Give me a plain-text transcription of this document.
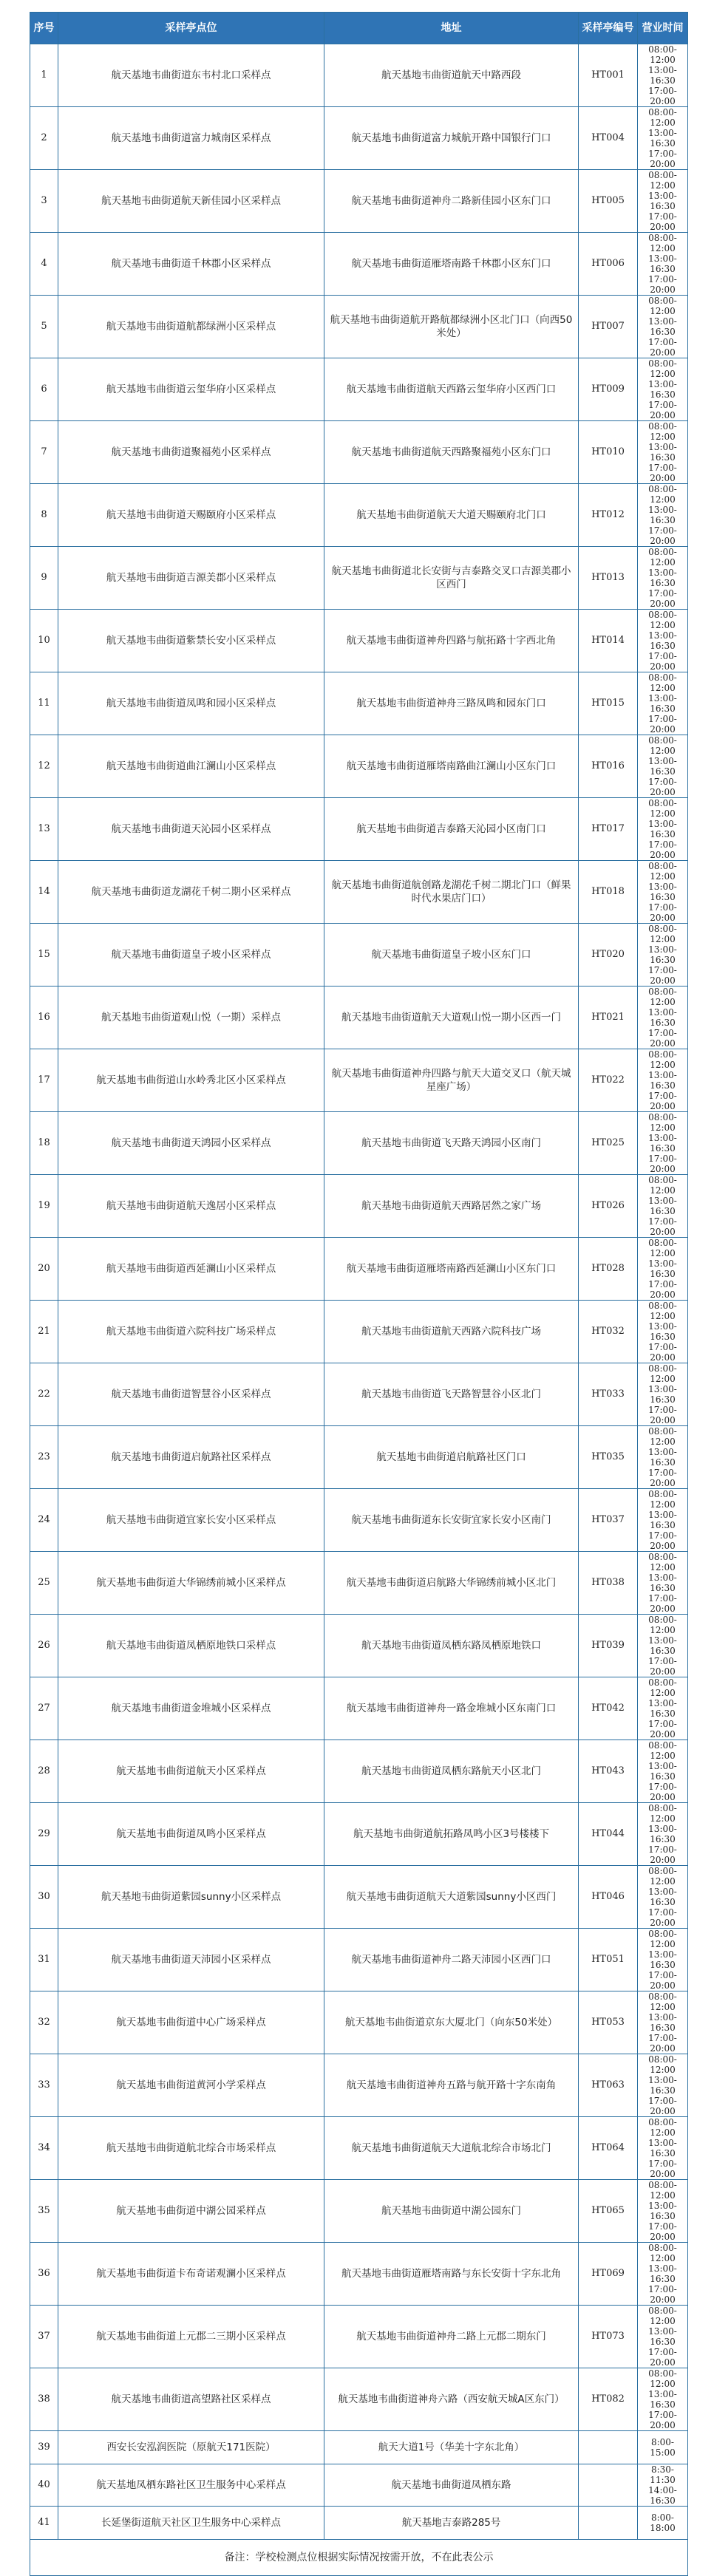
序号	采样亭点位	地址	采样亭编号	营业时间
1	航天基地韦曲街道东韦村北口采样点	航天基地韦曲街道航天中路西段	HT001	08:00-12:00
13:00-16:30
17:00-20:00
2	航天基地韦曲街道富力城南区采样点	航天基地韦曲街道富力城航开路中国银行门口	HT004	08:00-12:00
13:00-16:30
17:00-20:00
3	航天基地韦曲街道航天新佳园小区采样点	航天基地韦曲街道神舟二路新佳园小区东门口	HT005	08:00-12:00
13:00-16:30
17:00-20:00
4	航天基地韦曲街道千林郡小区采样点	航天基地韦曲街道雁塔南路千林郡小区东门口	HT006	08:00-12:00
13:00-16:30
17:00-20:00
5	航天基地韦曲街道航都绿洲小区采样点	航天基地韦曲街道航开路航都绿洲小区北门口（向西50米处）	HT007	08:00-12:00
13:00-16:30
17:00-20:00
6	航天基地韦曲街道云玺华府小区采样点	航天基地韦曲街道航天西路云玺华府小区西门口	HT009	08:00-12:00
13:00-16:30
17:00-20:00
7	航天基地韦曲街道聚福苑小区采样点	航天基地韦曲街道航天西路聚福苑小区东门口	HT010	08:00-12:00
13:00-16:30
17:00-20:00
8	航天基地韦曲街道天赐颐府小区采样点	航天基地韦曲街道航天大道天赐颐府北门口	HT012	08:00-12:00
13:00-16:30
17:00-20:00
9	航天基地韦曲街道吉源美郡小区采样点	航天基地韦曲街道北长安街与吉泰路交叉口吉源美郡小区西门	HT013	08:00-12:00
13:00-16:30
17:00-20:00
10	航天基地韦曲街道紫禁长安小区采样点	航天基地韦曲街道神舟四路与航拓路十字西北角	HT014	08:00-12:00
13:00-16:30
17:00-20:00
11	航天基地韦曲街道凤鸣和园小区采样点	航天基地韦曲街道神舟三路凤鸣和园东门口	HT015	08:00-12:00
13:00-16:30
17:00-20:00
12	航天基地韦曲街道曲江澜山小区采样点	航天基地韦曲街道雁塔南路曲江澜山小区东门口	HT016	08:00-12:00
13:00-16:30
17:00-20:00
13	航天基地韦曲街道天沁园小区采样点	航天基地韦曲街道吉泰路天沁园小区南门口	HT017	08:00-12:00
13:00-16:30
17:00-20:00
14	航天基地韦曲街道龙湖花千树二期小区采样点	航天基地韦曲街道航创路龙湖花千树二期北门口（鲜果时代水果店门口）	HT018	08:00-12:00
13:00-16:30
17:00-20:00
15	航天基地韦曲街道皇子坡小区采样点	航天基地韦曲街道皇子坡小区东门口	HT020	08:00-12:00
13:00-16:30
17:00-20:00
16	航天基地韦曲街道观山悦（一期）采样点	航天基地韦曲街道航天大道观山悦一期小区西一门	HT021	08:00-12:00
13:00-16:30
17:00-20:00
17	航天基地韦曲街道山水岭秀北区小区采样点	航天基地韦曲街道神舟四路与航天大道交叉口（航天城星座广场）	HT022	08:00-12:00
13:00-16:30
17:00-20:00
18	航天基地韦曲街道天鸿园小区采样点	航天基地韦曲街道飞天路天鸿园小区南门	HT025	08:00-12:00
13:00-16:30
17:00-20:00
19	航天基地韦曲街道航天逸居小区采样点	航天基地韦曲街道航天西路居然之家广场	HT026	08:00-12:00
13:00-16:30
17:00-20:00
20	航天基地韦曲街道西延澜山小区采样点	航天基地韦曲街道雁塔南路西延澜山小区东门口	HT028	08:00-12:00
13:00-16:30
17:00-20:00
21	航天基地韦曲街道六院科技广场采样点	航天基地韦曲街道航天西路六院科技广场	HT032	08:00-12:00
13:00-16:30
17:00-20:00
22	航天基地韦曲街道智慧谷小区采样点	航天基地韦曲街道飞天路智慧谷小区北门	HT033	08:00-12:00
13:00-16:30
17:00-20:00
23	航天基地韦曲街道启航路社区采样点	航天基地韦曲街道启航路社区门口	HT035	08:00-12:00
13:00-16:30
17:00-20:00
24	航天基地韦曲街道宜家长安小区采样点	航天基地韦曲街道东长安街宜家长安小区南门	HT037	08:00-12:00
13:00-16:30
17:00-20:00
25	航天基地韦曲街道大华锦绣前城小区采样点	航天基地韦曲街道启航路大华锦绣前城小区北门	HT038	08:00-12:00
13:00-16:30
17:00-20:00
26	航天基地韦曲街道凤栖原地铁口采样点	航天基地韦曲街道凤栖东路凤栖原地铁口	HT039	08:00-12:00
13:00-16:30
17:00-20:00
27	航天基地韦曲街道金堆城小区采样点	航天基地韦曲街道神舟一路金堆城小区东南门口	HT042	08:00-12:00
13:00-16:30
17:00-20:00
28	航天基地韦曲街道航天小区采样点	航天基地韦曲街道凤栖东路航天小区北门	HT043	08:00-12:00
13:00-16:30
17:00-20:00
29	航天基地韦曲街道凤鸣小区采样点	航天基地韦曲街道航拓路凤鸣小区3号楼楼下	HT044	08:00-12:00
13:00-16:30
17:00-20:00
30	航天基地韦曲街道紫园sunny小区采样点	航天基地韦曲街道航天大道紫园sunny小区西门	HT046	08:00-12:00
13:00-16:30
17:00-20:00
31	航天基地韦曲街道天沛园小区采样点	航天基地韦曲街道神舟二路天沛园小区西门口	HT051	08:00-12:00
13:00-16:30
17:00-20:00
32	航天基地韦曲街道中心广场采样点	航天基地韦曲街道京东大厦北门（向东50米处）	HT053	08:00-12:00
13:00-16:30
17:00-20:00
33	航天基地韦曲街道黄河小学采样点	航天基地韦曲街道神舟五路与航开路十字东南角	HT063	08:00-12:00
13:00-16:30
17:00-20:00
34	航天基地韦曲街道航北综合市场采样点	航天基地韦曲街道航天大道航北综合市场北门	HT064	08:00-12:00
13:00-16:30
17:00-20:00
35	航天基地韦曲街道中湖公园采样点	航天基地韦曲街道中湖公园东门	HT065	08:00-12:00
13:00-16:30
17:00-20:00
36	航天基地韦曲街道卡布奇诺观澜小区采样点	航天基地韦曲街道雁塔南路与东长安街十字东北角	HT069	08:00-12:00
13:00-16:30
17:00-20:00
37	航天基地韦曲街道上元郡二三期小区采样点	航天基地韦曲街道神舟二路上元郡二期东门	HT073	08:00-12:00
13:00-16:30
17:00-20:00
38	航天基地韦曲街道高望路社区采样点	航天基地韦曲街道神舟六路（西安航天城A区东门）	HT082	08:00-12:00
13:00-16:30
17:00-20:00
39	西安长安泓润医院（原航天171医院）	航天大道1号（华美十字东北角）		8:00-15:00
40	航天基地凤栖东路社区卫生服务中心采样点	航天基地韦曲街道凤栖东路		8:30-11:30
14:00-16:30
41	长延堡街道航天社区卫生服务中心采样点	航天基地吉泰路285号		8:00-18:00
备注：学校检测点位根据实际情况按需开放，不在此表公示				
